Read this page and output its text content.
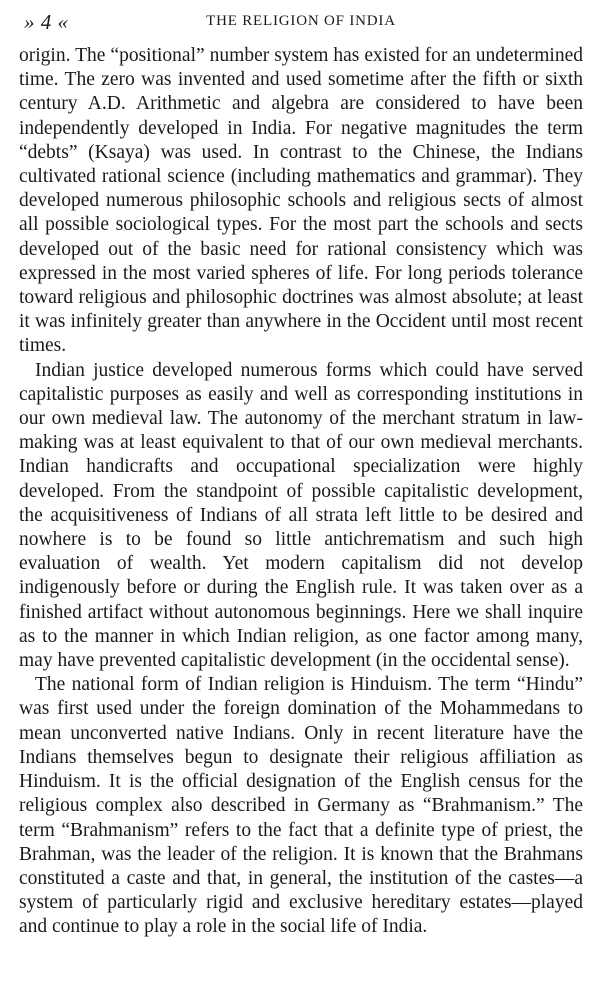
» 4 «	THE RELIGION OF INDIA

origin. The “positional” number system has existed for an undetermined time. The zero was invented and used sometime after the fifth or sixth century A.D. Arithmetic and algebra are considered to have been independently developed in India. For negative magnitudes the term “debts” (Ksaya) was used. In contrast to the Chinese, the Indians cultivated rational science (including mathematics and grammar). They developed numerous philosophic schools and religious sects of almost all possible sociological types. For the most part the schools and sects developed out of the basic need for rational consistency which was expressed in the most varied spheres of life. For long periods tolerance toward religious and philosophic doctrines was almost absolute; at least it was infinitely greater than anywhere in the Occident until most recent times.

Indian justice developed numerous forms which could have served capitalistic purposes as easily and well as corresponding institutions in our own medieval law. The autonomy of the merchant stratum in law-making was at least equivalent to that of our own medieval merchants. Indian handicrafts and occupational specialization were highly developed. From the standpoint of possible capitalistic development, the acquisitiveness of Indians of all strata left little to be desired and nowhere is to be found so little antichrematism and such high evaluation of wealth. Yet modern capitalism did not develop indigenously before or during the English rule. It was taken over as a finished artifact without autonomous beginnings. Here we shall inquire as to the manner in which Indian religion, as one factor among many, may have prevented capitalistic development (in the occidental sense).

The national form of Indian religion is Hinduism. The term “Hindu” was first used under the foreign domination of the Mohammedans to mean unconverted native Indians. Only in recent literature have the Indians themselves begun to designate their religious affiliation as Hinduism. It is the official designation of the English census for the religious complex also described in Germany as “Brahmanism.” The term “Brahmanism” refers to the fact that a definite type of priest, the Brahman, was the leader of the religion. It is known that the Brahmans constituted a caste and that, in general, the institution of the castes—a system of particularly rigid and exclusive hereditary estates—played and continue to play a role in the social life of India.
